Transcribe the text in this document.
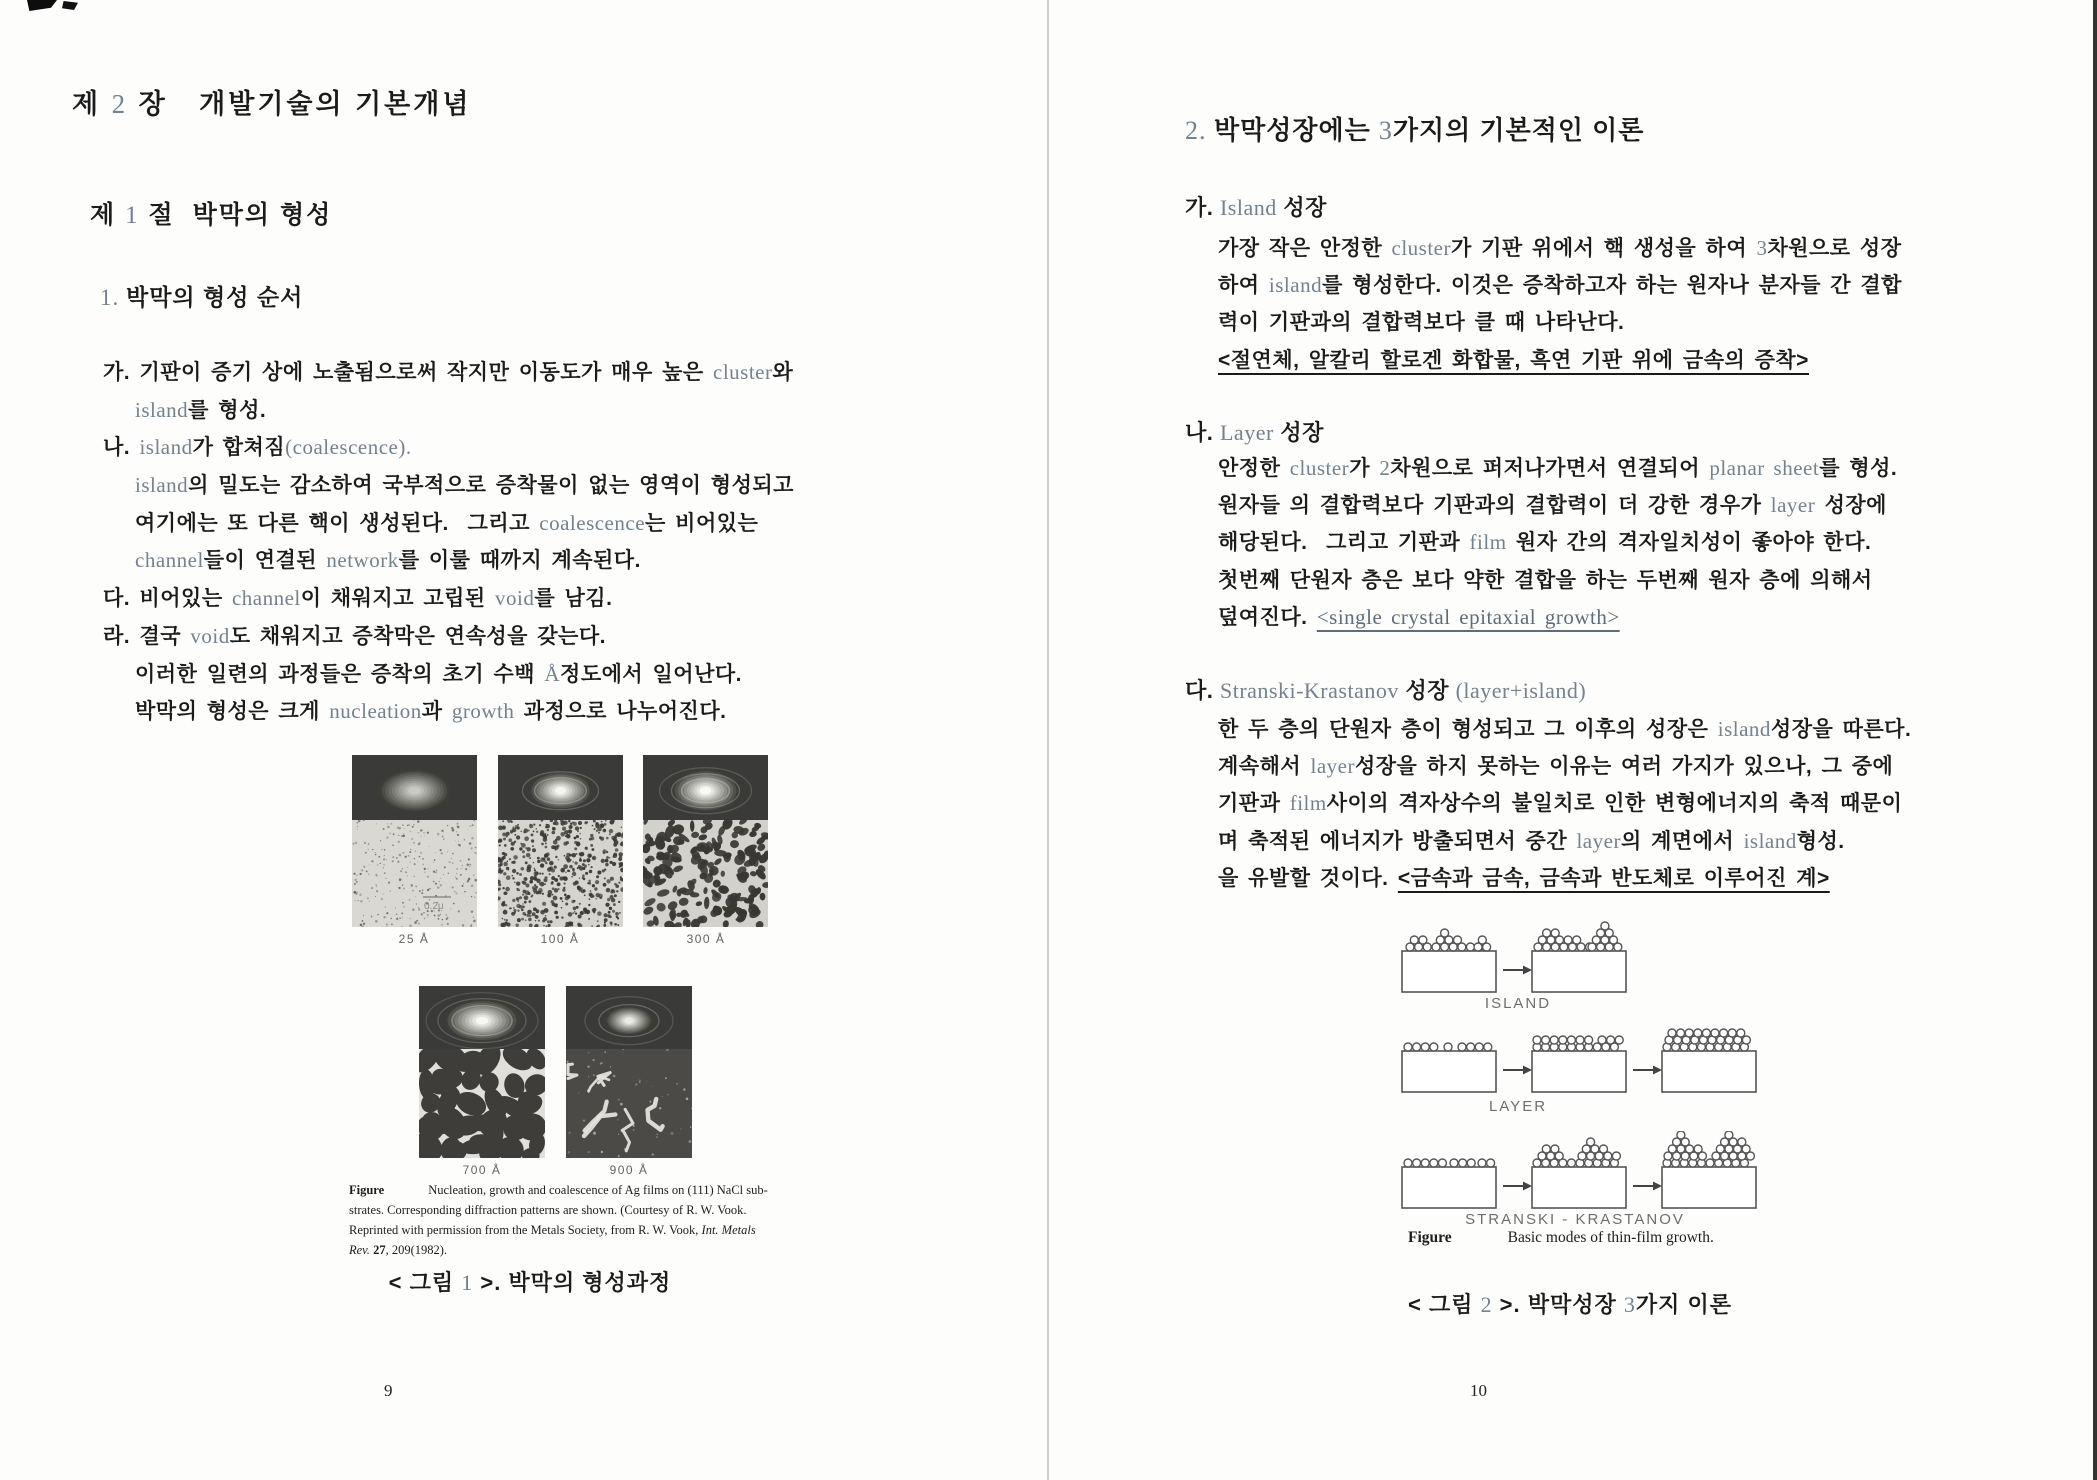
제 2 장   개발기술의 기본개념
제 1 절  박막의 형성
1. 박막의 형성 순서
가. 기판이 증기 상에 노출됨으로써 작지만 이동도가 매우 높은 cluster와
island를 형성.
나. island가 합쳐짐(coalescence).
island의 밀도는 감소하여 국부적으로 증착물이 없는 영역이 형성되고
여기에는 또 다른 핵이 생성된다.  그리고 coalescence는 비어있는
channel들이 연결된 network를 이룰 때까지 계속된다.
다. 비어있는 channel이 채워지고 고립된 void를 남김.
라. 결국 void도 채워지고 증착막은 연속성을 갖는다.
이러한 일련의 과정들은 증착의 초기 수백 Å정도에서 일어난다.
박막의 형성은 크게 nucleation과 growth 과정으로 나누어진다.
0.2μ
25 Å	100 Å	300 Å
700 Å	900 Å
Figure	Nucleation, growth and coalescence of Ag films on (111) NaCl sub-
strates. Corresponding diffraction patterns are shown. (Courtesy of R. W. Vook.
Reprinted with permission from the Metals Society, from R. W. Vook, Int. Metals
Rev. 27, 209(1982).
< 그림 1 >. 박막의 형성과정
9
2. 박막성장에는 3가지의 기본적인 이론
가. Island 성장
가장 작은 안정한 cluster가 기판 위에서 핵 생성을 하여 3차원으로 성장
하여 island를 형성한다. 이것은 증착하고자 하는 원자나 분자들 간 결합
력이 기판과의 결합력보다 클 때 나타난다.
<절연체, 알칼리 할로겐 화합물, 흑연 기판 위에 금속의 증착>
나. Layer 성장
안정한 cluster가 2차원으로 퍼저나가면서 연결되어 planar sheet를 형성.
원자들 의 결합력보다 기판과의 결합력이 더 강한 경우가 layer 성장에
해당된다.  그리고 기판과 film 원자 간의 격자일치성이 좋아야 한다.
첫번째 단원자 층은 보다 약한 결합을 하는 두번째 원자 층에 의해서
덮여진다. <single crystal epitaxial growth>
다. Stranski-Krastanov 성장 (layer+island)
한 두 층의 단원자 층이 형성되고 그 이후의 성장은 island성장을 따른다.
계속해서 layer성장을 하지 못하는 이유는 여러 가지가 있으나, 그 중에
기판과 film사이의 격자상수의 불일치로 인한 변형에너지의 축적 때문이
며 축적된 에너지가 방출되면서 중간 layer의 계면에서 island형성.
을 유발할 것이다. <금속과 금속, 금속과 반도체로 이루어진 계>
ISLAND
LAYER
STRANSKI - KRASTANOV
Figure	Basic modes of thin-film growth.
< 그림 2 >. 박막성장 3가지 이론
10
